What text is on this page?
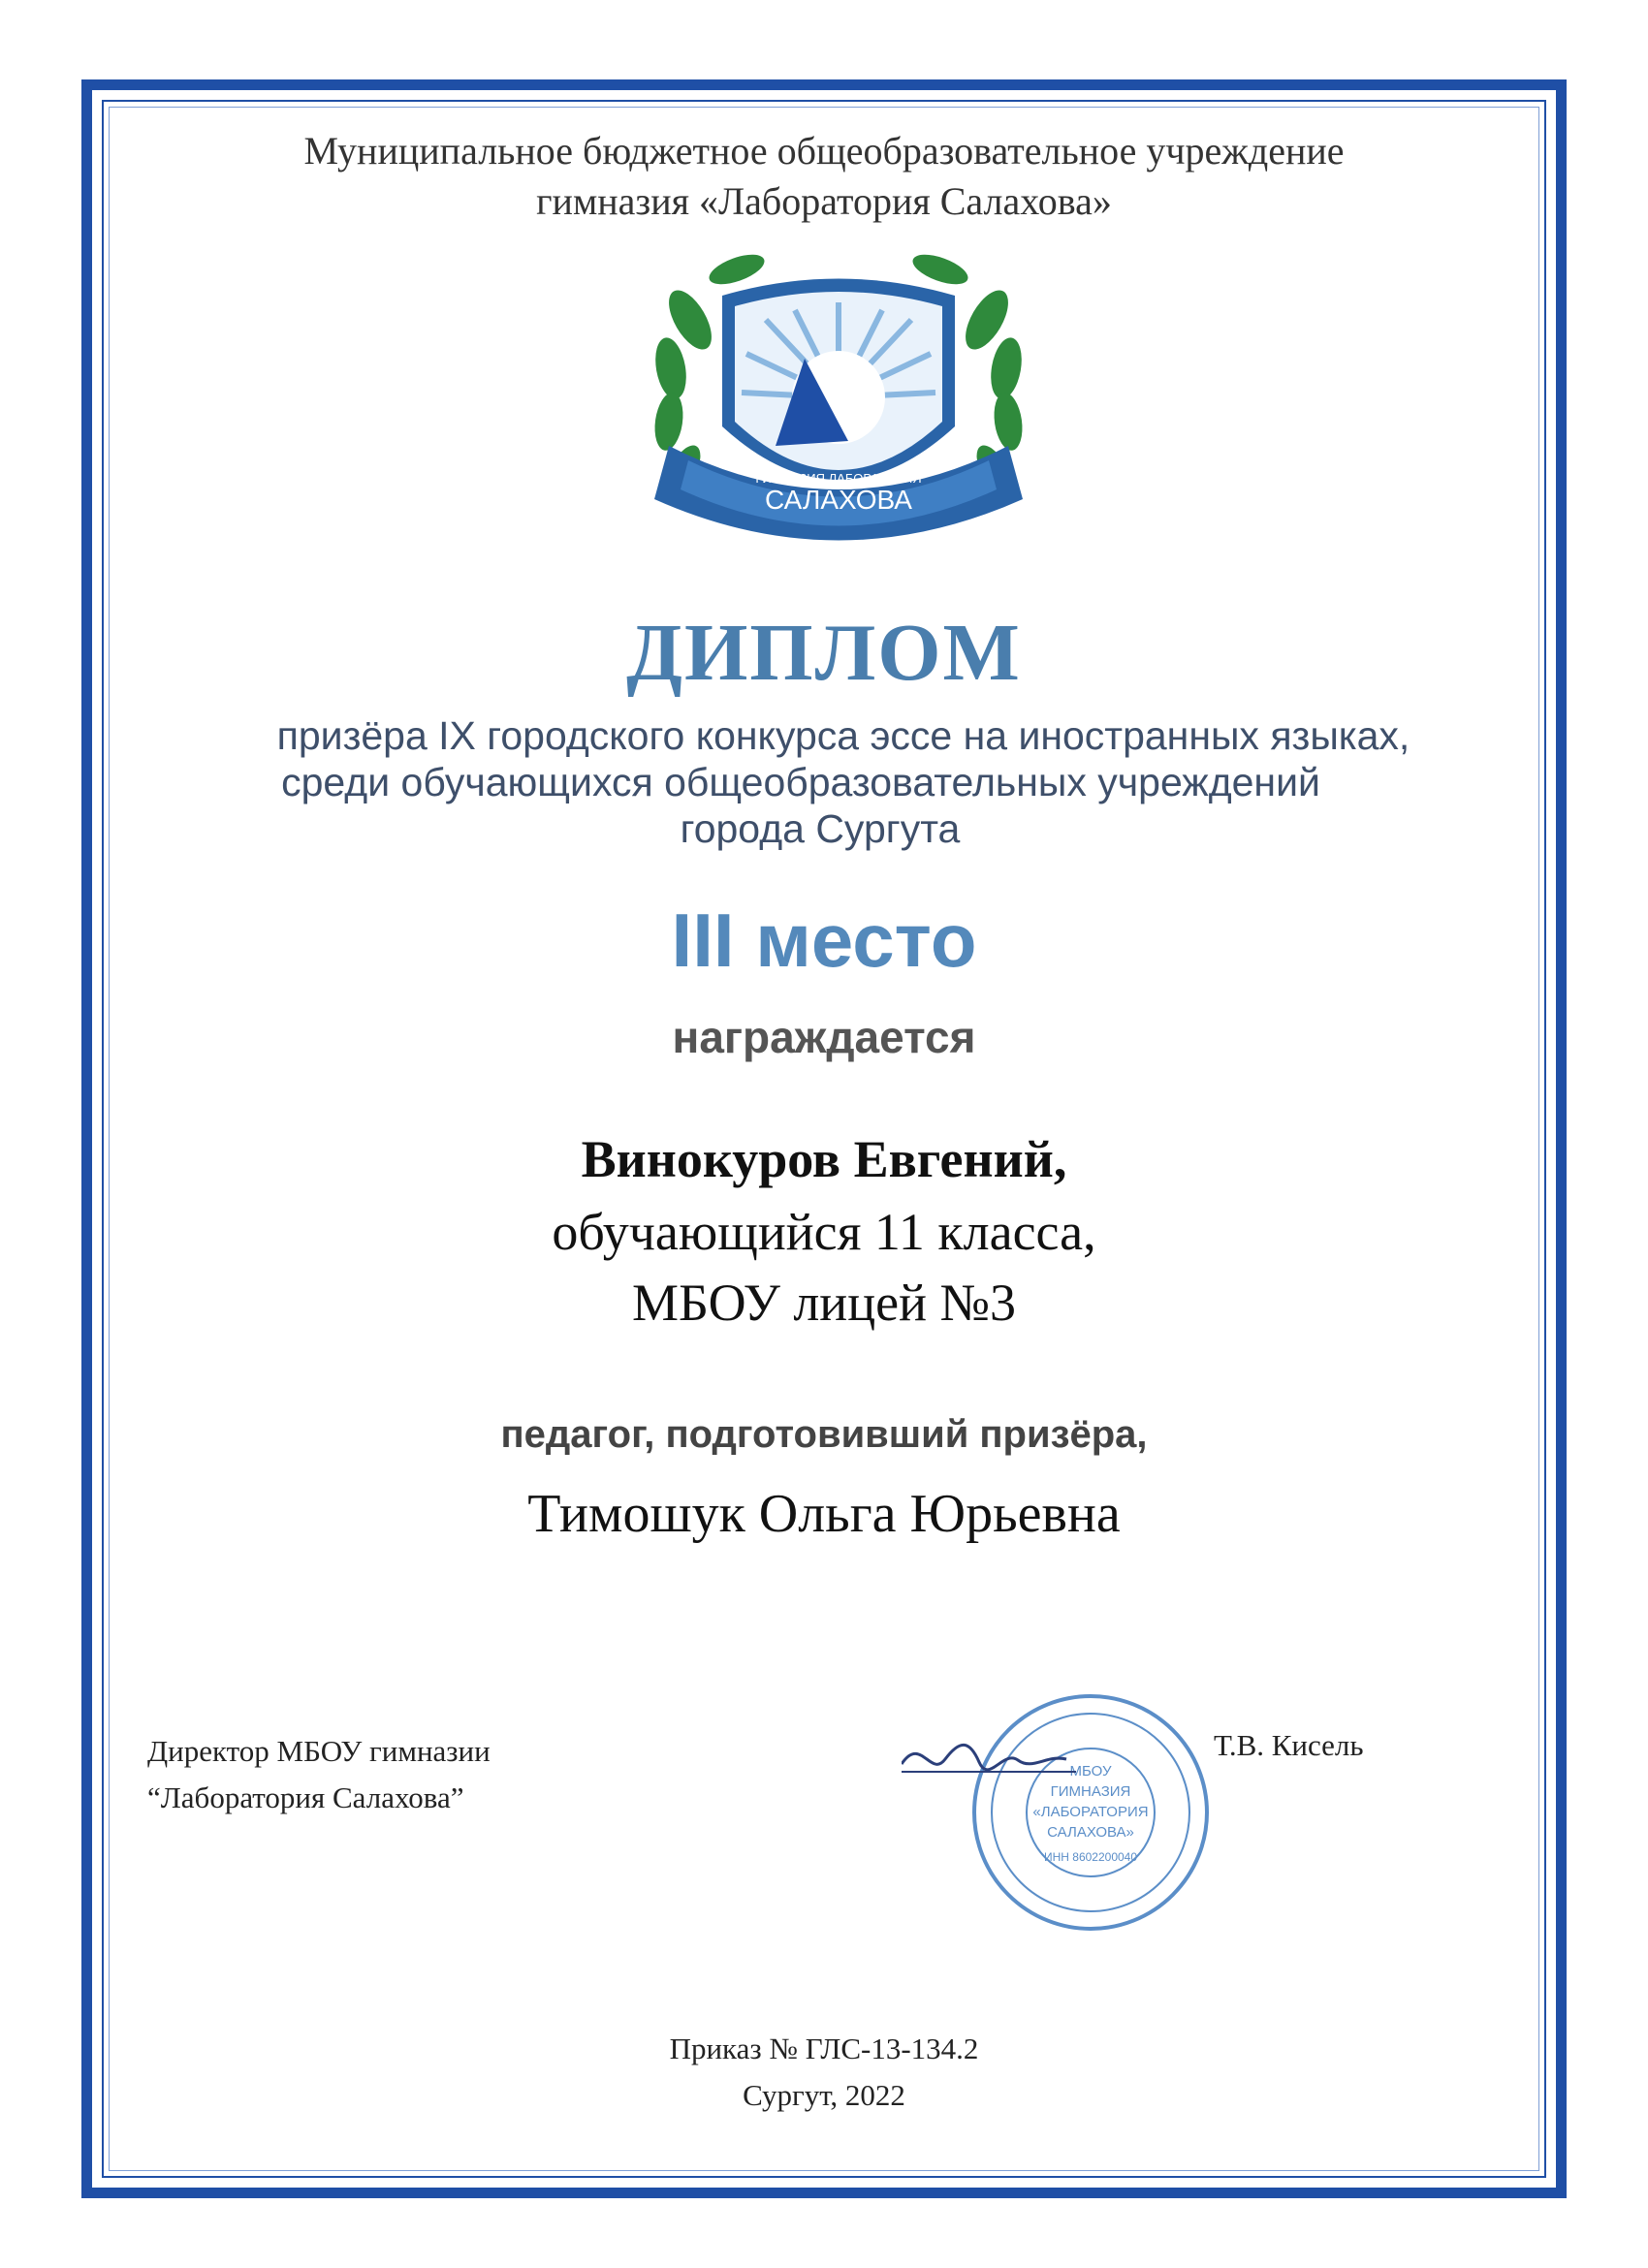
Муниципальное бюджетное общеобразовательное учреждение
гимназия «Лаборатория Салахова»
ГИМНАЗИЯ ЛАБОРАТОРИЯ
САЛАХОВА
ТЕОРИЯ. ПРАКТИКА. РЕЗУЛЬТАТ
ДИПЛОМ
призёра IX городского конкурса эссе на иностранных языках,
среди обучающихся общеобразовательных учреждений
города Сургута
III место
награждается
Винокуров Евгений,
обучающийся 11 класса,
МБОУ лицей №3
педагог, подготовивший призёра,
Тимошук Ольга Юрьевна
Директор МБОУ гимназии
“Лаборатория Салахова”
МБОУ
ГИМНАЗИЯ
«ЛАБОРАТОРИЯ
САЛАХОВА»
ИНН 8602200040
Т.В. Кисель
Приказ № ГЛС-13-134.2
Сургут, 2022
